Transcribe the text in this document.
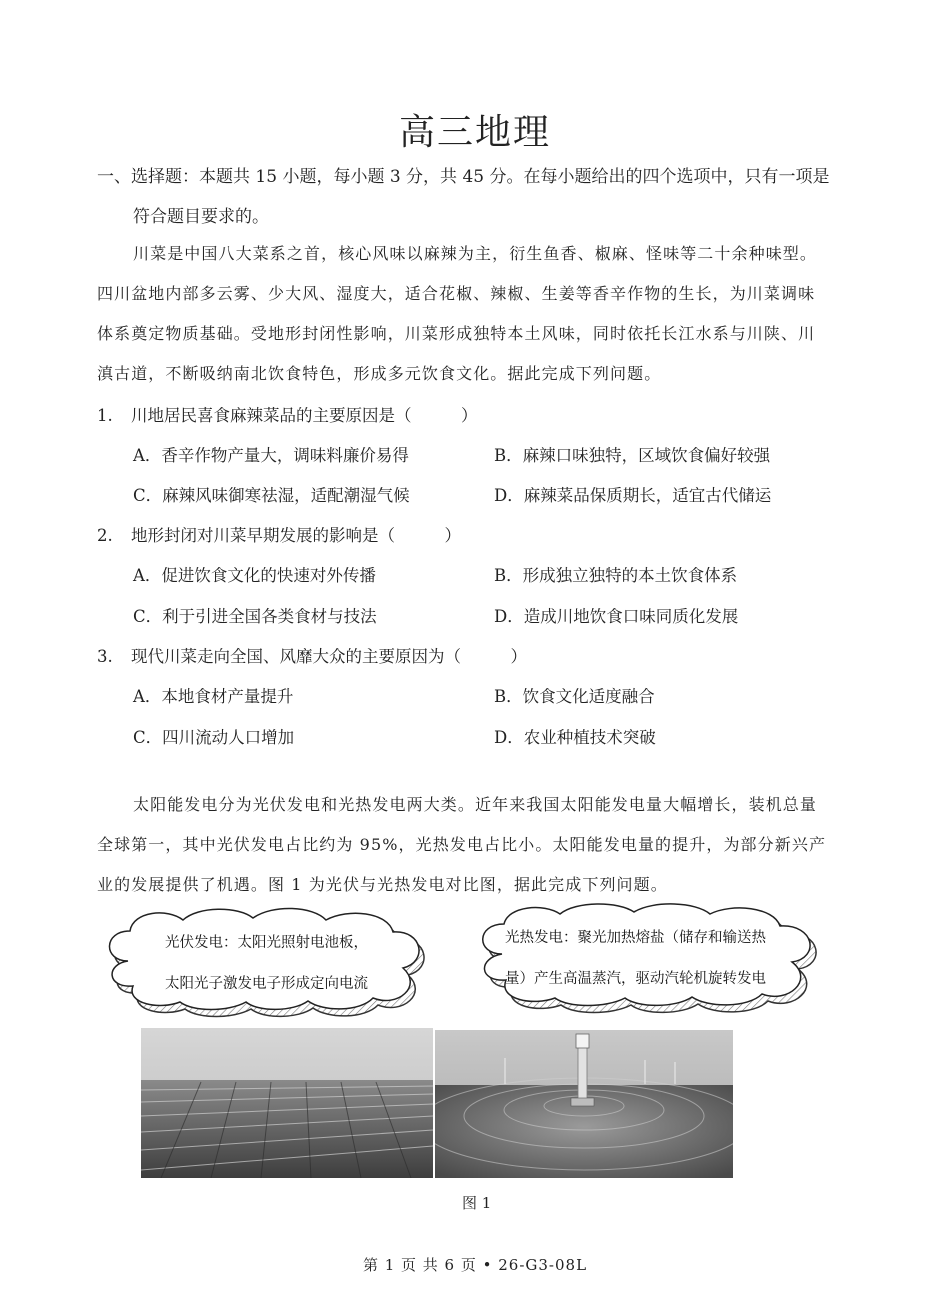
高三地理
一、选择题：本题共 15 小题，每小题 3 分，共 45 分。在每小题给出的四个选项中，只有一项是
符合题目要求的。
川菜是中国八大菜系之首，核心风味以麻辣为主，衍生鱼香、椒麻、怪味等二十余种味型。
四川盆地内部多云雾、少大风、湿度大，适合花椒、辣椒、生姜等香辛作物的生长，为川菜调味
体系奠定物质基础。受地形封闭性影响，川菜形成独特本土风味，同时依托长江水系与川陕、川
滇古道，不断吸纳南北饮食特色，形成多元饮食文化。据此完成下列问题。
1. 川地居民喜食麻辣菜品的主要原因是（　　　）
A．香辛作物产量大，调味料廉价易得	B．麻辣口味独特，区域饮食偏好较强
C．麻辣风味御寒祛湿，适配潮湿气候	D．麻辣菜品保质期长，适宜古代储运
2. 地形封闭对川菜早期发展的影响是（　　　）
A．促进饮食文化的快速对外传播	B．形成独立独特的本土饮食体系
C．利于引进全国各类食材与技法	D．造成川地饮食口味同质化发展
3. 现代川菜走向全国、风靡大众的主要原因为（　　　）
A．本地食材产量提升	B．饮食文化适度融合
C．四川流动人口增加	D．农业种植技术突破
太阳能发电分为光伏发电和光热发电两大类。近年来我国太阳能发电量大幅增长，装机总量
全球第一，其中光伏发电占比约为 95%，光热发电占比小。太阳能发电量的提升，为部分新兴产
业的发展提供了机遇。图 1 为光伏与光热发电对比图，据此完成下列问题。
光伏发电：太阳光照射电池板，
太阳光子激发电子形成定向电流
光热发电：聚光加热熔盐（储存和输送热
量）产生高温蒸汽，驱动汽轮机旋转发电
图 1
第 1 页 共 6 页 • 26-G3-08L
